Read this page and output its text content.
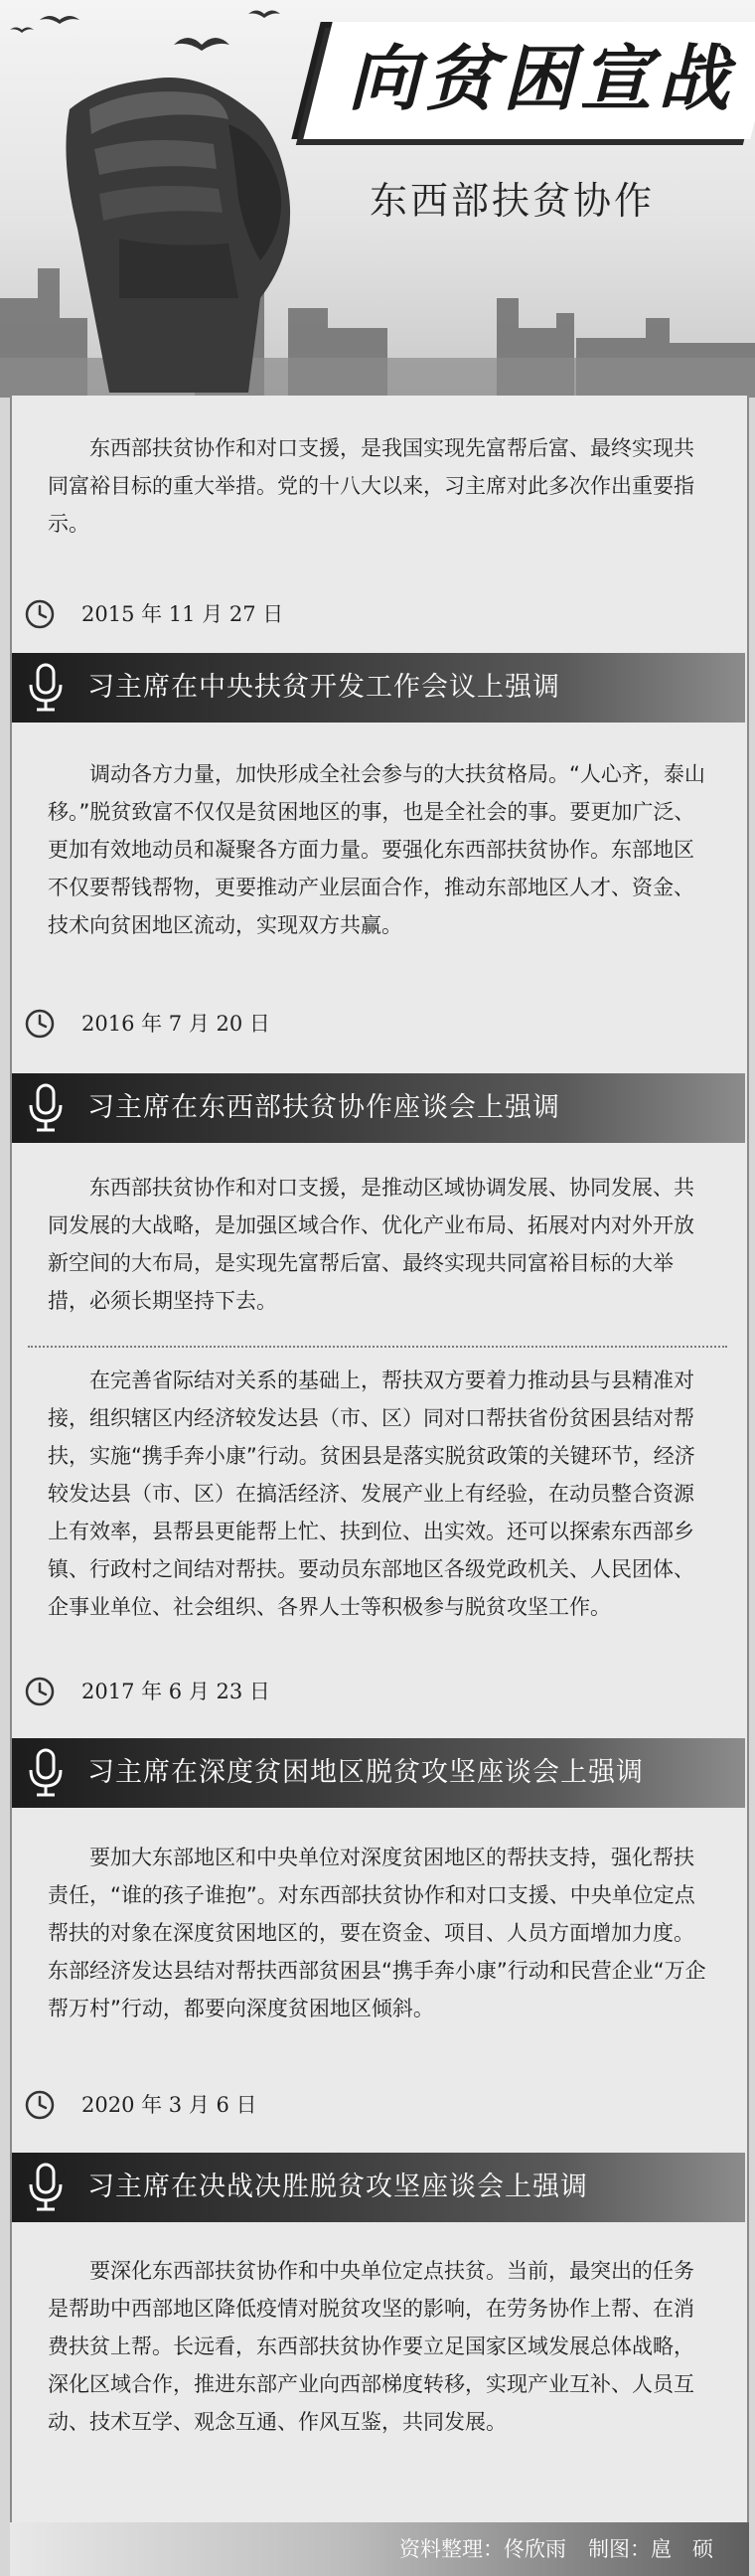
向贫困宣战
东西部扶贫协作

东西部扶贫协作和对口支援，是我国实现先富帮后富、最终实现共同富裕目标的重大举措。党的十八大以来，习主席对此多次作出重要指示。

2015 年 11 月 27 日
习主席在中央扶贫开发工作会议上强调

调动各方力量，加快形成全社会参与的大扶贫格局。“人心齐，泰山移。”脱贫致富不仅仅是贫困地区的事，也是全社会的事。要更加广泛、更加有效地动员和凝聚各方面力量。要强化东西部扶贫协作。东部地区不仅要帮钱帮物，更要推动产业层面合作，推动东部地区人才、资金、技术向贫困地区流动，实现双方共赢。

2016 年 7 月 20 日
习主席在东西部扶贫协作座谈会上强调

东西部扶贫协作和对口支援，是推动区域协调发展、协同发展、共同发展的大战略，是加强区域合作、优化产业布局、拓展对内对外开放新空间的大布局，是实现先富帮后富、最终实现共同富裕目标的大举措，必须长期坚持下去。

在完善省际结对关系的基础上，帮扶双方要着力推动县与县精准对接，组织辖区内经济较发达县（市、区）同对口帮扶省份贫困县结对帮扶，实施“携手奔小康”行动。贫困县是落实脱贫政策的关键环节，经济较发达县（市、区）在搞活经济、发展产业上有经验，在动员整合资源上有效率，县帮县更能帮上忙、扶到位、出实效。还可以探索东西部乡镇、行政村之间结对帮扶。要动员东部地区各级党政机关、人民团体、企事业单位、社会组织、各界人士等积极参与脱贫攻坚工作。

2017 年 6 月 23 日
习主席在深度贫困地区脱贫攻坚座谈会上强调

要加大东部地区和中央单位对深度贫困地区的帮扶支持，强化帮扶责任，“谁的孩子谁抱”。对东西部扶贫协作和对口支援、中央单位定点帮扶的对象在深度贫困地区的，要在资金、项目、人员方面增加力度。东部经济发达县结对帮扶西部贫困县“携手奔小康”行动和民营企业“万企帮万村”行动，都要向深度贫困地区倾斜。

2020 年 3 月 6 日
习主席在决战决胜脱贫攻坚座谈会上强调

要深化东西部扶贫协作和中央单位定点扶贫。当前，最突出的任务是帮助中西部地区降低疫情对脱贫攻坚的影响，在劳务协作上帮、在消费扶贫上帮。长远看，东西部扶贫协作要立足国家区域发展总体战略，深化区域合作，推进东部产业向西部梯度转移，实现产业互补、人员互动、技术互学、观念互通、作风互鉴，共同发展。

资料整理：佟欣雨 制图：扈　硕
